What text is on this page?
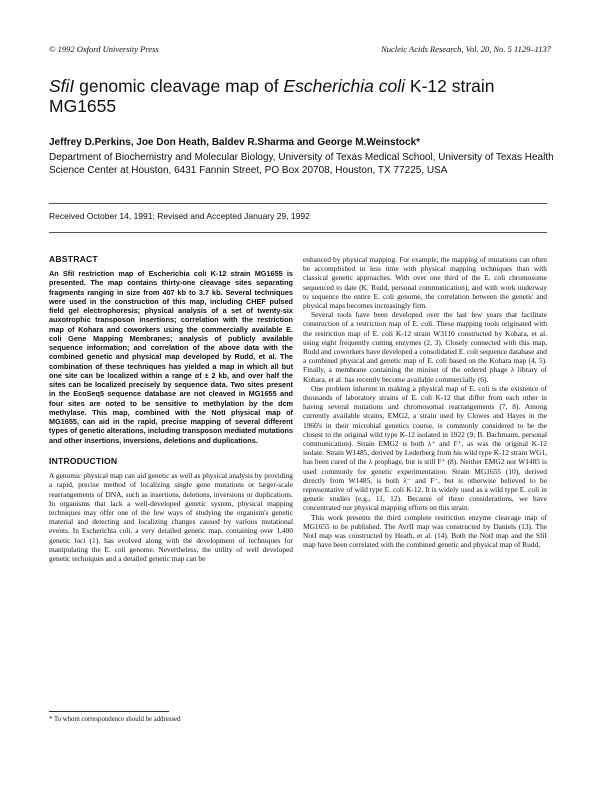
© 1992 Oxford University Press	Nucleic Acids Research, Vol. 20, No. 5 1129–1137
SfiI genomic cleavage map of Escherichia coli K-12 strain MG1655
Jeffrey D.Perkins, Joe Don Heath, Baldev R.Sharma and George M.Weinstock*
Department of Biochemistry and Molecular Biology, University of Texas Medical School, University of Texas Health Science Center at Houston, 6431 Fannin Street, PO Box 20708, Houston, TX 77225, USA
Received October 14, 1991; Revised and Accepted January 29, 1992
ABSTRACT
An SfiI restriction map of Escherichia coli K-12 strain MG1655 is presented. The map contains thirty-one cleavage sites separating fragments ranging in size from 407 kb to 3.7 kb. Several techniques were used in the construction of this map, including CHEF pulsed field gel electrophoresis; physical analysis of a set of twenty-six auxotrophic transposon insertions; correlation with the restriction map of Kohara and coworkers using the commercially available E. coli Gene Mapping Membranes; analysis of publicly available sequence information; and correlation of the above data with the combined genetic and physical map developed by Rudd, et al. The combination of these techniques has yielded a map in which all but one site can be localized within a range of ± 2 kb, and over half the sites can be localized precisely by sequence data. Two sites present in the EcoSeq5 sequence database are not cleaved in MG1655 and four sites are noted to be sensitive to methylation by the dcm methylase. This map, combined with the NotI physical map of MG1655, can aid in the rapid, precise mapping of several different types of genetic alterations, including transposon mediated mutations and other insertions, inversions, deletions and duplications.
INTRODUCTION

A genomic physical map can aid genetic as well as physical analysis by providing a rapid, precise method of localizing single gene mutations or larger-scale rearrangements of DNA, such as insertions, deletions, inversions or duplications. In organisms that lack a well-developed genetic system, physical mapping techniques may offer one of the few ways of studying the organism's genetic material and detecting and localizing changes caused by various mutational events. In Escherichia coli, a very detailed genetic map, containing over 1,400 genetic loci (1), has evolved along with the development of techniques for manipulating the E. coli genome. Nevertheless, the utility of well developed genetic techniques and a detailed genetic map can be

enhanced by physical mapping. For example, the mapping of mutations can often be accomplished in less time with physical mapping techniques than with classical genetic approaches. With over one third of the E. coli chromosome sequenced to date (K. Rudd, personal communication), and with work underway to sequence the entire E. coli genome, the correlation between the genetic and physical maps becomes increasingly firm.

Several tools have been developed over the last few years that facilitate construction of a restriction map of E. coli. These mapping tools originated with the restriction map of E. coli K-12 strain W3110 constructed by Kohara, et al. using eight frequently cutting enzymes (2, 3). Closely connected with this map, Rudd and coworkers have developed a consolidated E. coli sequence database and a combined physical and genetic map of E. coli based on the Kohara map (4, 5). Finally, a membrane containing the miniset of the ordered phage λ library of Kohara, et al. has recently become available commercially (6).

One problem inherent in making a physical map of E. coli is the existence of thousands of laboratory strains of E. coli K-12 that differ from each other in having several mutations and chromosomal rearrangements (7, 8). Among currently available strains, EMG2, a strain used by Clowes and Hayes in the 1960's in their microbial genetics course, is commonly considered to be the closest to the original wild type K-12 isolated in 1922 (9; B. Bachmann, personal communication). Strain EMG2 is both λ⁺ and F⁺, as was the original K-12 isolate. Strain W1485, derived by Lederberg from his wild type K-12 strain WG1, has been cured of the λ prophage, but is still F⁺ (8). Neither EMG2 nor W1485 is used commonly for genetic experimentation. Strain MG1655 (10), derived directly from W1485, is both λ⁻ and F⁻, but is otherwise believed to be representative of wild type E. coli K-12. It is widely used as a wild type E. coli in genetic studies (e.g., 11, 12). Because of these considerations, we have concentrated our physical mapping efforts on this strain.

This work presents the third complete restriction enzyme cleavage map of MG1655 to be published. The AvrII map was constructed by Daniels (13). The NotI map was constructed by Heath, et al. (14). Both the NotI map and the SfiI map have been correlated with the combined genetic and physical map of Rudd,

* To whom correspondence should be addressed
